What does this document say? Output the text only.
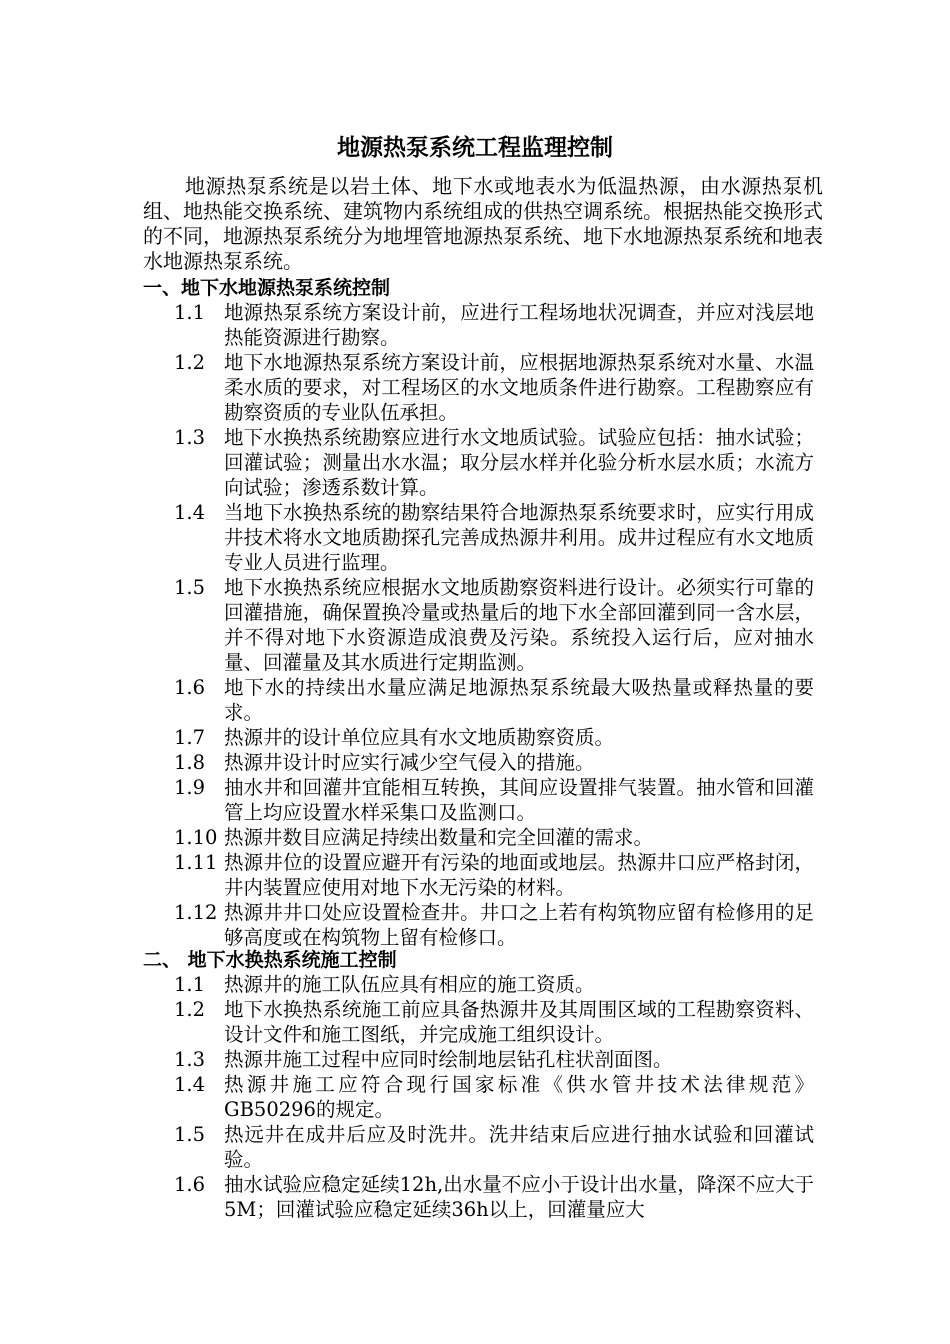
地源热泵系统工程监理控制

地源热泵系统是以岩土体、地下水或地表水为低温热源，由水源热泵机组、地热能交换系统、建筑物内系统组成的供热空调系统。根据热能交换形式的不同，地源热泵系统分为地埋管地源热泵系统、地下水地源热泵系统和地表水地源热泵系统。

一、地下水地源热泵系统控制
1.1 地源热泵系统方案设计前，应进行工程场地状况调查，并应对浅层地热能资源进行勘察。
1.2 地下水地源热泵系统方案设计前，应根据地源热泵系统对水量、水温柔水质的要求，对工程场区的水文地质条件进行勘察。工程勘察应有勘察资质的专业队伍承担。
1.3 地下水换热系统勘察应进行水文地质试验。试验应包括：抽水试验；回灌试验；测量出水水温；取分层水样并化验分析水层水质；水流方向试验；渗透系数计算。
1.4 当地下水换热系统的勘察结果符合地源热泵系统要求时，应实行用成井技术将水文地质勘探孔完善成热源井利用。成井过程应有水文地质专业人员进行监理。
1.5 地下水换热系统应根据水文地质勘察资料进行设计。必须实行可靠的回灌措施，确保置换冷量或热量后的地下水全部回灌到同一含水层，并不得对地下水资源造成浪费及污染。系统投入运行后，应对抽水量、回灌量及其水质进行定期监测。
1.6 地下水的持续出水量应满足地源热泵系统最大吸热量或释热量的要求。
1.7 热源井的设计单位应具有水文地质勘察资质。
1.8 热源井设计时应实行减少空气侵入的措施。
1.9 抽水井和回灌井宜能相互转换，其间应设置排气装置。抽水管和回灌管上均应设置水样采集口及监测口。
1.10 热源井数目应满足持续出数量和完全回灌的需求。
1.11 热源井位的设置应避开有污染的地面或地层。热源井口应严格封闭，井内装置应使用对地下水无污染的材料。
1.12 热源井井口处应设置检查井。井口之上若有构筑物应留有检修用的足够高度或在构筑物上留有检修口。
二、 地下水换热系统施工控制
1.1 热源井的施工队伍应具有相应的施工资质。
1.2 地下水换热系统施工前应具备热源井及其周围区域的工程勘察资料、设计文件和施工图纸，并完成施工组织设计。
1.3 热源井施工过程中应同时绘制地层钻孔柱状剖面图。
1.4 热源井施工应符合现行国家标准《供水管井技术法律规范》GB50296的规定。
1.5 热远井在成井后应及时洗井。洗井结束后应进行抽水试验和回灌试验。
1.6 抽水试验应稳定延续12h,出水量不应小于设计出水量，降深不应大于5M；回灌试验应稳定延续36h以上，回灌量应大
